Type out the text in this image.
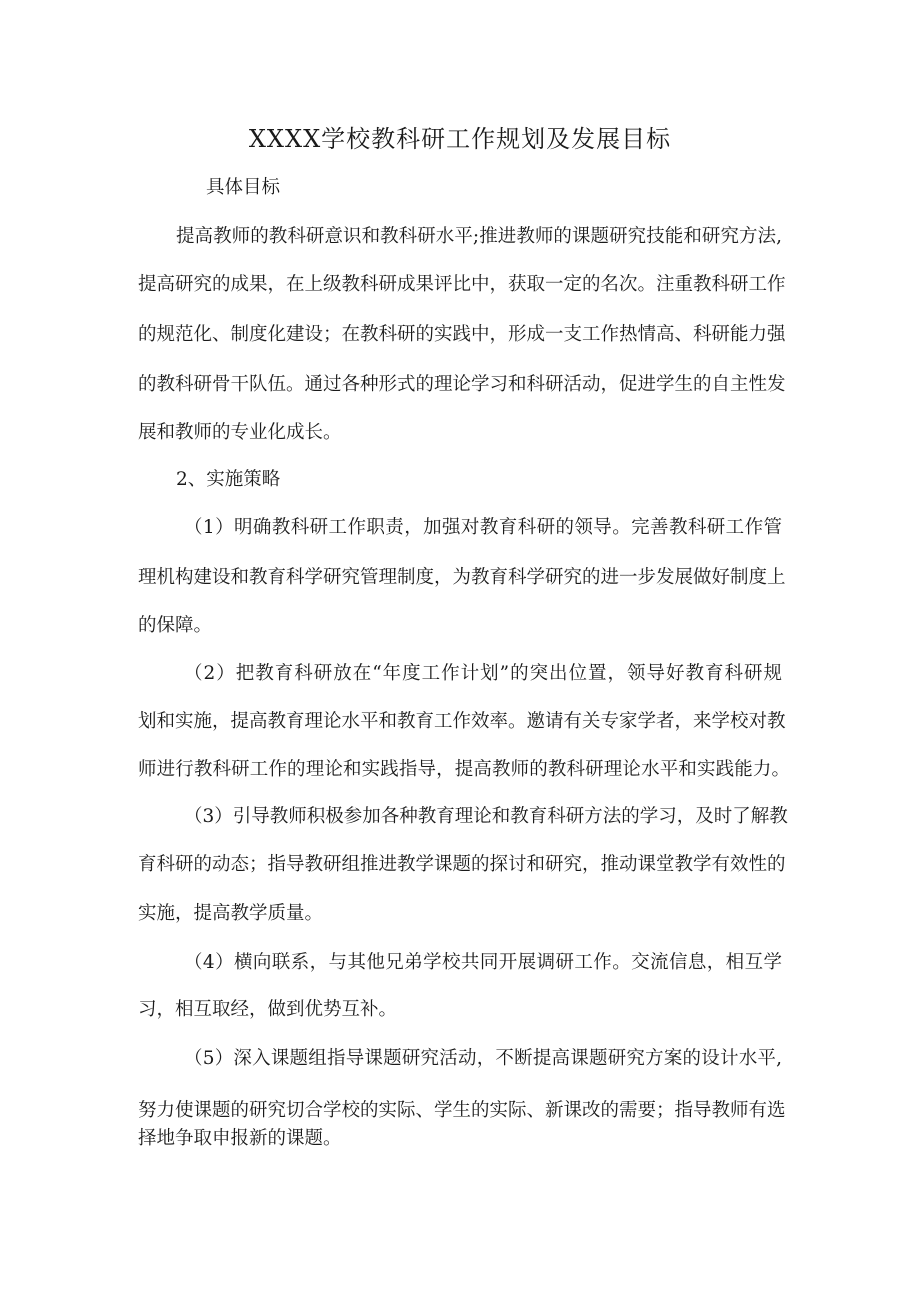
XXXX学校教科研工作规划及发展目标
具体目标
提高教师的教科研意识和教科研水平;推进教师的课题研究技能和研究方法,
提高研究的成果，在上级教科研成果评比中，获取一定的名次。注重教科研工作
的规范化、制度化建设；在教科研的实践中，形成一支工作热情高、科研能力强
的教科研骨干队伍。通过各种形式的理论学习和科研活动，促进学生的自主性发
展和教师的专业化成长。
2、实施策略
（1）明确教科研工作职责，加强对教育科研的领导。完善教科研工作管
理机构建设和教育科学研究管理制度，为教育科学研究的进一步发展做好制度上
的保障。
（2）把教育科研放在“年度工作计划”的突出位置，领导好教育科研规
划和实施，提高教育理论水平和教育工作效率。邀请有关专家学者，来学校对教
师进行教科研工作的理论和实践指导，提高教师的教科研理论水平和实践能力。
（3）引导教师积极参加各种教育理论和教育科研方法的学习，及时了解教
育科研的动态；指导教研组推进教学课题的探讨和研究，推动课堂教学有效性的
实施，提高教学质量。
（4）横向联系，与其他兄弟学校共同开展调研工作。交流信息，相互学
习，相互取经，做到优势互补。
（5）深入课题组指导课题研究活动，不断提高课题研究方案的设计水平,
努力使课题的研究切合学校的实际、学生的实际、新课改的需要；指导教师有选
择地争取申报新的课题。
